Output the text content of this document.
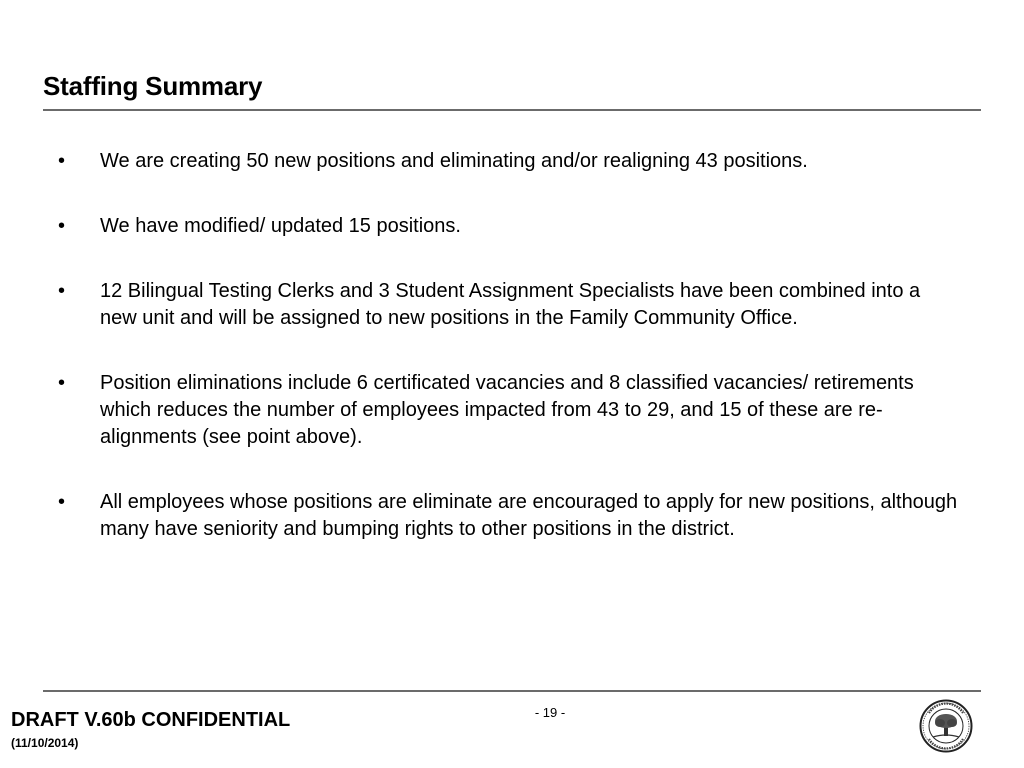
Staffing Summary
• We are creating 50 new positions and eliminating and/or realigning 43 positions.
• We have modified/ updated 15 positions.
• 12 Bilingual Testing Clerks and 3 Student Assignment Specialists have been combined into a new unit and will be assigned to new positions in the Family Community Office.
• Position eliminations include 6 certificated vacancies and 8 classified vacancies/ retirements which reduces the number of employees impacted from 43 to 29, and 15 of these are re-alignments (see point above).
• All employees whose positions are eliminate are encouraged to apply for new positions, although many have seniority and bumping rights to other positions in the district.
DRAFT V.60b CONFIDENTIAL
(11/10/2014)
- 19 -
